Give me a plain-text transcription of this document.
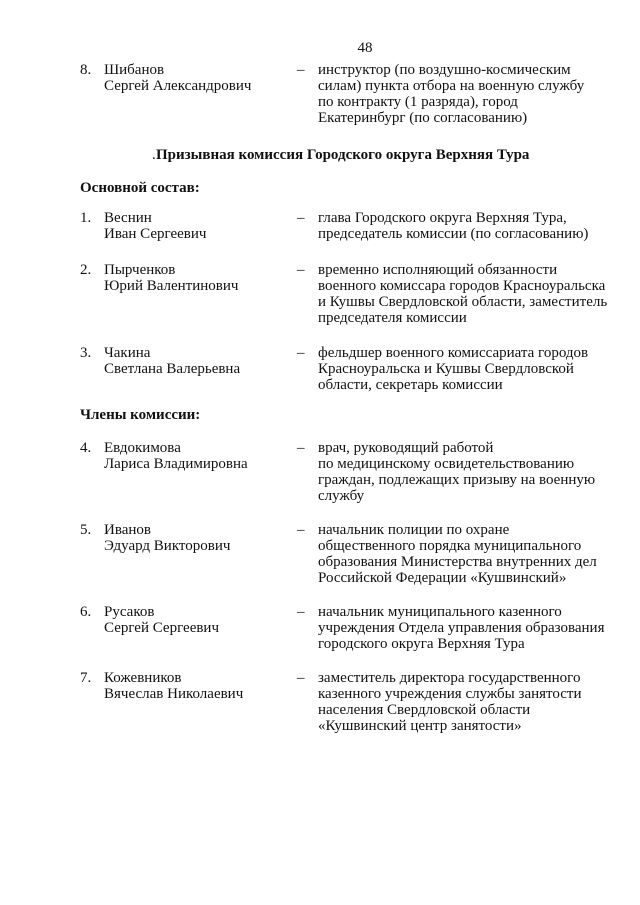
48
8. Шибанов
Сергей Александрович
– инструктор (по воздушно-космическим
силам) пункта отбора на военную службу
по контракту (1 разряда), город
Екатеринбург (по согласованию)
. Призывная комиссия Городского округа Верхняя Тура
Основной состав:
1. Веснин
Иван Сергеевич
– глава Городского округа Верхняя Тура,
председатель комиссии (по согласованию)
2. Пырченков
Юрий Валентинович
– временно исполняющий обязанности
военного комиссара городов Красноуральска
и Кушвы Свердловской области, заместитель
председателя комиссии
3. Чакина
Светлана Валерьевна
– фельдшер военного комиссариата городов
Красноуральска и Кушвы Свердловской
области, секретарь комиссии
Члены комиссии:
4. Евдокимова
Лариса Владимировна
– врач, руководящий работой
по медицинскому освидетельствованию
граждан, подлежащих призыву на военную
службу
5. Иванов
Эдуард Викторович
– начальник полиции по охране
общественного порядка муниципального
образования Министерства внутренних дел
Российской Федерации «Кушвинский»
6. Русаков
Сергей Сергеевич
– начальник муниципального казенного
учреждения Отдела управления образования
городского округа Верхняя Тура
7. Кожевников
Вячеслав Николаевич
– заместитель директора государственного
казенного учреждения службы занятости
населения Свердловской области
«Кушвинский центр занятости»
